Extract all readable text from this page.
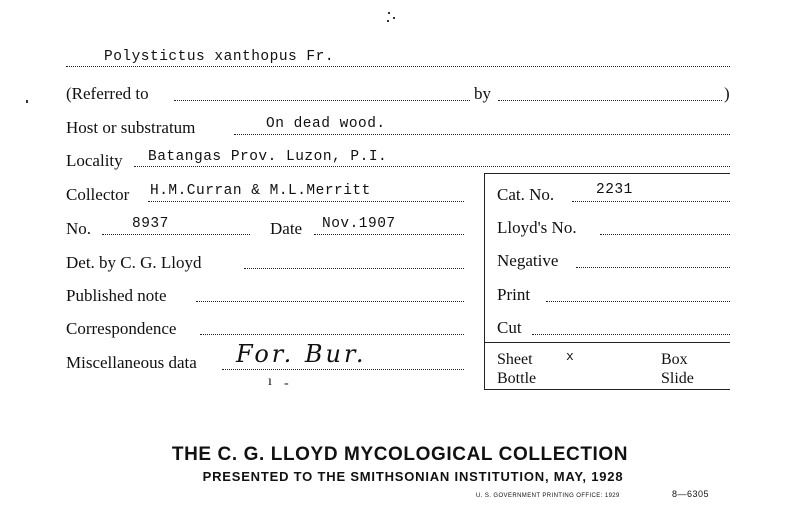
Polystictus xanthopus Fr.
(Referred to	by	)
Host or substratum	On dead wood.
Locality Batangas Prov. Luzon, P.I.
Collector H.M.Curran & M.L.Merritt	Cat. No.	2231
No.	8937	Date Nov.1907	Lloyd's No.
Det. by C. G. Lloyd	Negative
Published note	Print
Correspondence	Cut
Miscellaneous data For. Bur.
ı -
Sheet	x	Box
Bottle	Slide
THE C. G. LLOYD MYCOLOGICAL COLLECTION
PRESENTED TO THE SMITHSONIAN INSTITUTION, MAY, 1928
U. S. GOVERNMENT PRINTING OFFICE: 1929	8—6305
